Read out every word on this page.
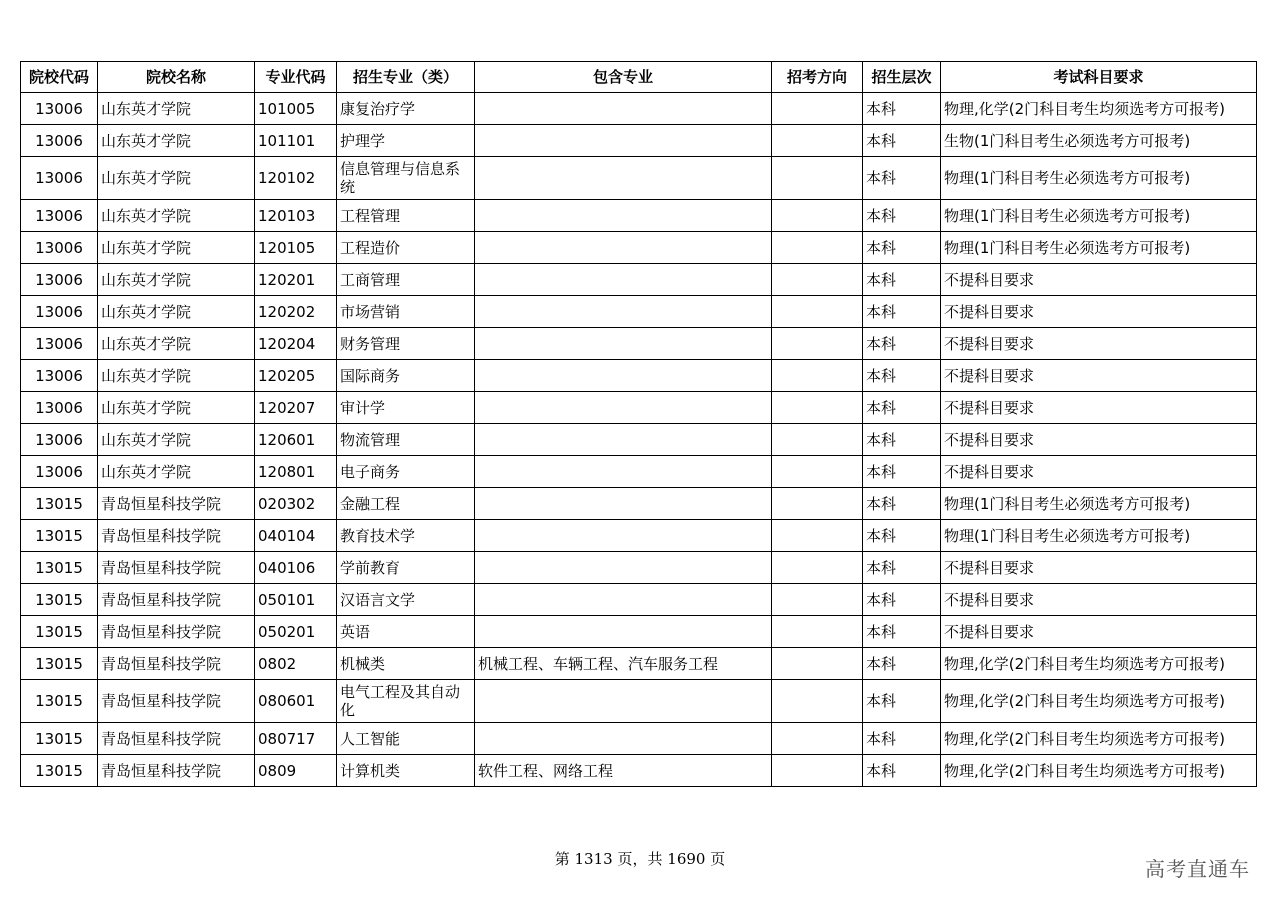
院校代码	院校名称	专业代码	招生专业（类）	包含专业	招考方向	招生层次	考试科目要求
13006	山东英才学院	101005	康复治疗学			本科	物理,化学(2门科目考生均须选考方可报考)
13006	山东英才学院	101101	护理学			本科	生物(1门科目考生必须选考方可报考)
13006	山东英才学院	120102	信息管理与信息系统			本科	物理(1门科目考生必须选考方可报考)
13006	山东英才学院	120103	工程管理			本科	物理(1门科目考生必须选考方可报考)
13006	山东英才学院	120105	工程造价			本科	物理(1门科目考生必须选考方可报考)
13006	山东英才学院	120201	工商管理			本科	不提科目要求
13006	山东英才学院	120202	市场营销			本科	不提科目要求
13006	山东英才学院	120204	财务管理			本科	不提科目要求
13006	山东英才学院	120205	国际商务			本科	不提科目要求
13006	山东英才学院	120207	审计学			本科	不提科目要求
13006	山东英才学院	120601	物流管理			本科	不提科目要求
13006	山东英才学院	120801	电子商务			本科	不提科目要求
13015	青岛恒星科技学院	020302	金融工程			本科	物理(1门科目考生必须选考方可报考)
13015	青岛恒星科技学院	040104	教育技术学			本科	物理(1门科目考生必须选考方可报考)
13015	青岛恒星科技学院	040106	学前教育			本科	不提科目要求
13015	青岛恒星科技学院	050101	汉语言文学			本科	不提科目要求
13015	青岛恒星科技学院	050201	英语			本科	不提科目要求
13015	青岛恒星科技学院	0802	机械类	机械工程、车辆工程、汽车服务工程		本科	物理,化学(2门科目考生均须选考方可报考)
13015	青岛恒星科技学院	080601	电气工程及其自动化			本科	物理,化学(2门科目考生均须选考方可报考)
13015	青岛恒星科技学院	080717	人工智能			本科	物理,化学(2门科目考生均须选考方可报考)
13015	青岛恒星科技学院	0809	计算机类	软件工程、网络工程		本科	物理,化学(2门科目考生均须选考方可报考)
第 1313 页，共 1690 页	高考直通车
